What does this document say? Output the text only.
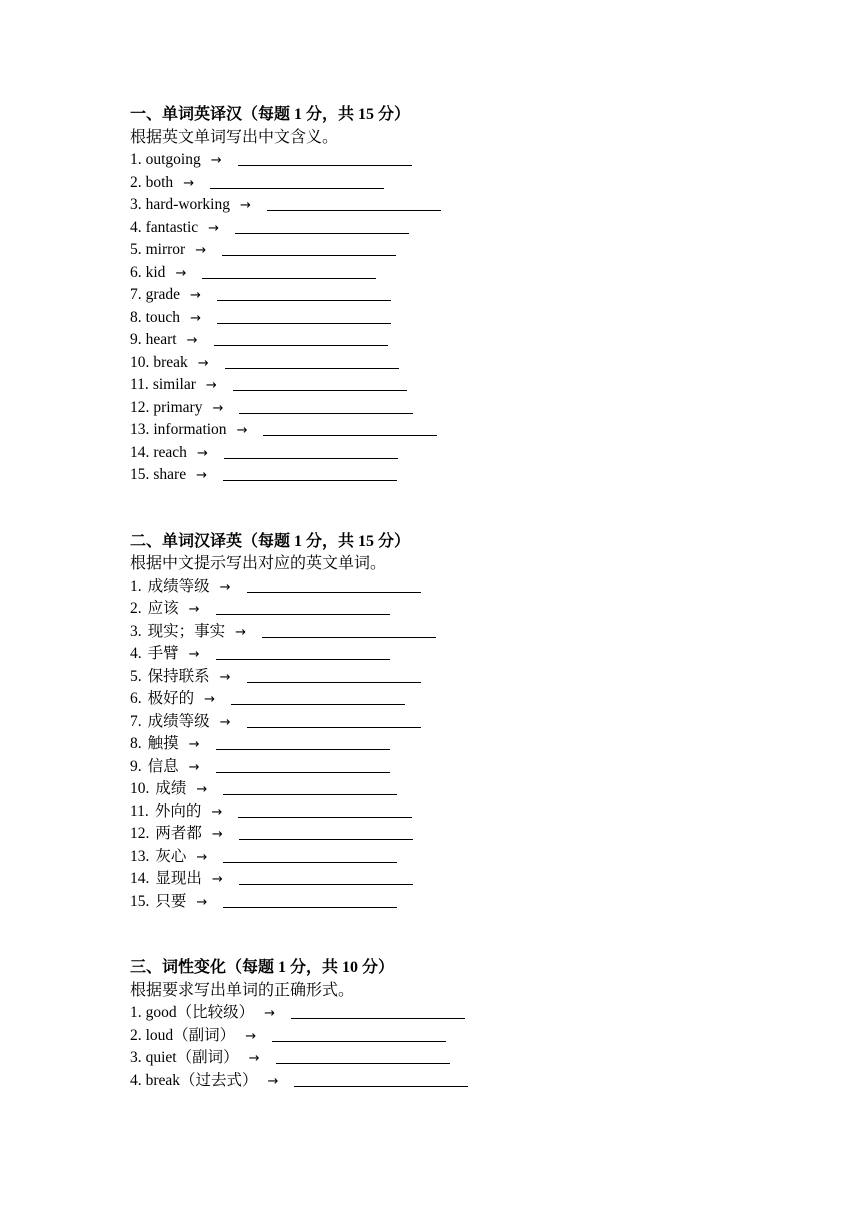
一、单词英译汉（每题 1 分，共 15 分）
根据英文单词写出中文含义。
1. outgoing →
2. both →
3. hard-working →
4. fantastic →
5. mirror →
6. kid →
7. grade →
8. touch →
9. heart →
10. break →
11. similar →
12. primary →
13. information →
14. reach →
15. share →
二、单词汉译英（每题 1 分，共 15 分）
根据中文提示写出对应的英文单词。
1. 成绩等级 →
2. 应该 →
3. 现实；事实 →
4. 手臂 →
5. 保持联系 →
6. 极好的 →
7. 成绩等级 →
8. 触摸 →
9. 信息 →
10. 成绩 →
11. 外向的 →
12. 两者都 →
13. 灰心 →
14. 显现出 →
15. 只要 →
三、词性变化（每题 1 分，共 10 分）
根据要求写出单词的正确形式。
1. good（比较级） →
2. loud（副词） →
3. quiet（副词） →
4. break（过去式） →
